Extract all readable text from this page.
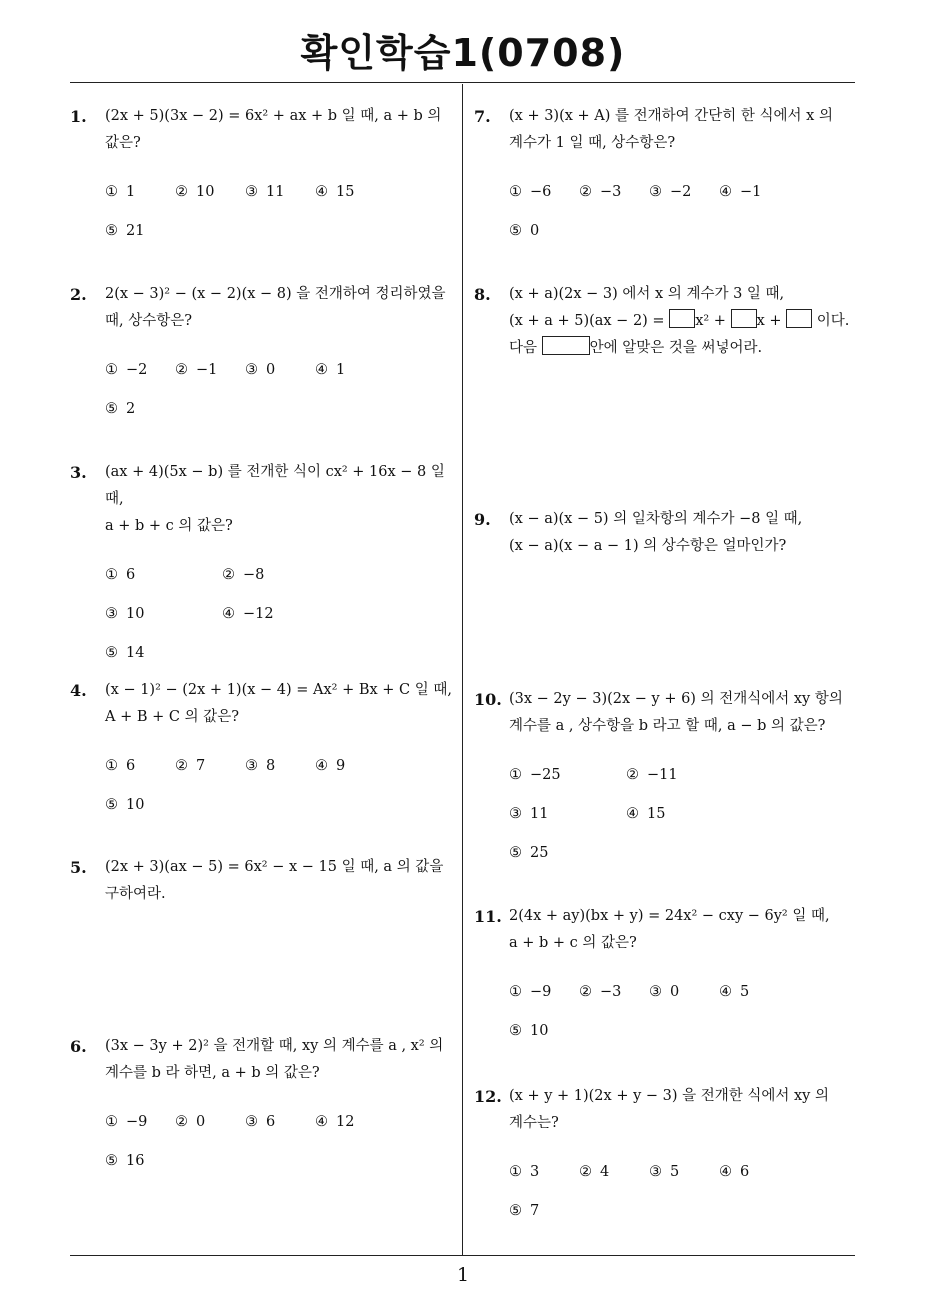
확인학습1(0708)
1. (2x + 5)(3x − 2) = 6x² + ax + b 일 때, a + b 의
값은?
① 1	② 10	③ 11	④ 15
⑤ 21
2. 2(x − 3)² − (x − 2)(x − 8) 을 전개하여 정리하였을
때, 상수항은?
① −2	② −1	③ 0	④ 1
⑤ 2
3. (ax + 4)(5x − b) 를 전개한 식이 cx² + 16x − 8 일 때,
a + b + c 의 값은?
① 6	② −8
③ 10	④ −12
⑤ 14
4. (x − 1)² − (2x + 1)(x − 4) = Ax² + Bx + C 일 때,
A + B + C 의 값은?
① 6	② 7	③ 8	④ 9
⑤ 10
5. (2x + 3)(ax − 5) = 6x² − x − 15 일 때, a 의 값을
구하여라.
6. (3x − 3y + 2)² 을 전개할 때, xy 의 계수를 a , x² 의
계수를 b 라 하면, a + b 의 값은?
① −9	② 0	③ 6	④ 12
⑤ 16
7. (x + 3)(x + A) 를 전개하여 간단히 한 식에서 x 의
계수가 1 일 때, 상수항은?
① −6	② −3	③ −2	④ −1
⑤ 0
8. (x + a)(2x − 3) 에서 x 의 계수가 3 일 때,
(x + a + 5)(ax − 2) = x² + x + 이다.
다음	안에 알맞은 것을 써넣어라.
9. (x − a)(x − 5) 의 일차항의 계수가 −8 일 때,
(x − a)(x − a − 1) 의 상수항은 얼마인가?
10. (3x − 2y − 3)(2x − y + 6) 의 전개식에서 xy 항의
계수를 a , 상수항을 b 라고 할 때, a − b 의 값은?
① −25	② −11
③ 11	④ 15
⑤ 25
11. 2(4x + ay)(bx + y) = 24x² − cxy − 6y² 일 때,
a + b + c 의 값은?
① −9	② −3	③ 0	④ 5
⑤ 10
12. (x + y + 1)(2x + y − 3) 을 전개한 식에서 xy 의
계수는?
① 3	② 4	③ 5	④ 6
⑤ 7
1
